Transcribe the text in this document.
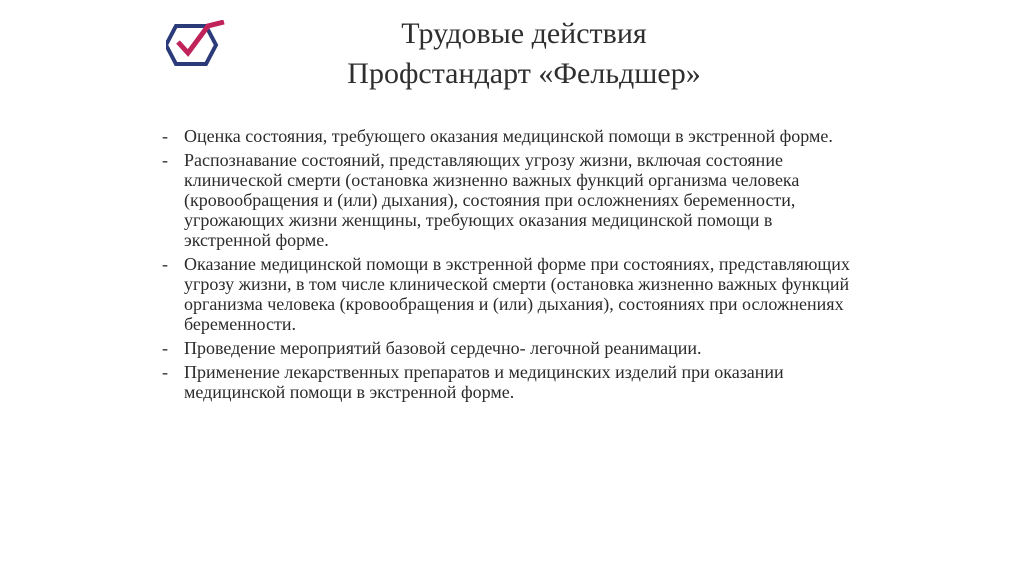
Трудовые действия
Профстандарт «Фельдшер»
- Оценка состояния, требующего оказания медицинской помощи в экстренной форме.
- Распознавание состояний, представляющих угрозу жизни, включая состояние клинической смерти (остановка жизненно важных функций организма человека (кровообращения и (или) дыхания), состояния при осложнениях беременности, угрожающих жизни женщины, требующих оказания медицинской помощи в экстренной форме.
- Оказание медицинской помощи в экстренной форме при состояниях, представляющих угрозу жизни, в том числе клинической смерти (остановка жизненно важных функций организма человека (кровообращения и (или) дыхания), состояниях при осложнениях беременности.
- Проведение мероприятий базовой сердечно- легочной реанимации.
- Применение лекарственных препаратов и медицинских изделий при оказании медицинской помощи в экстренной форме.
